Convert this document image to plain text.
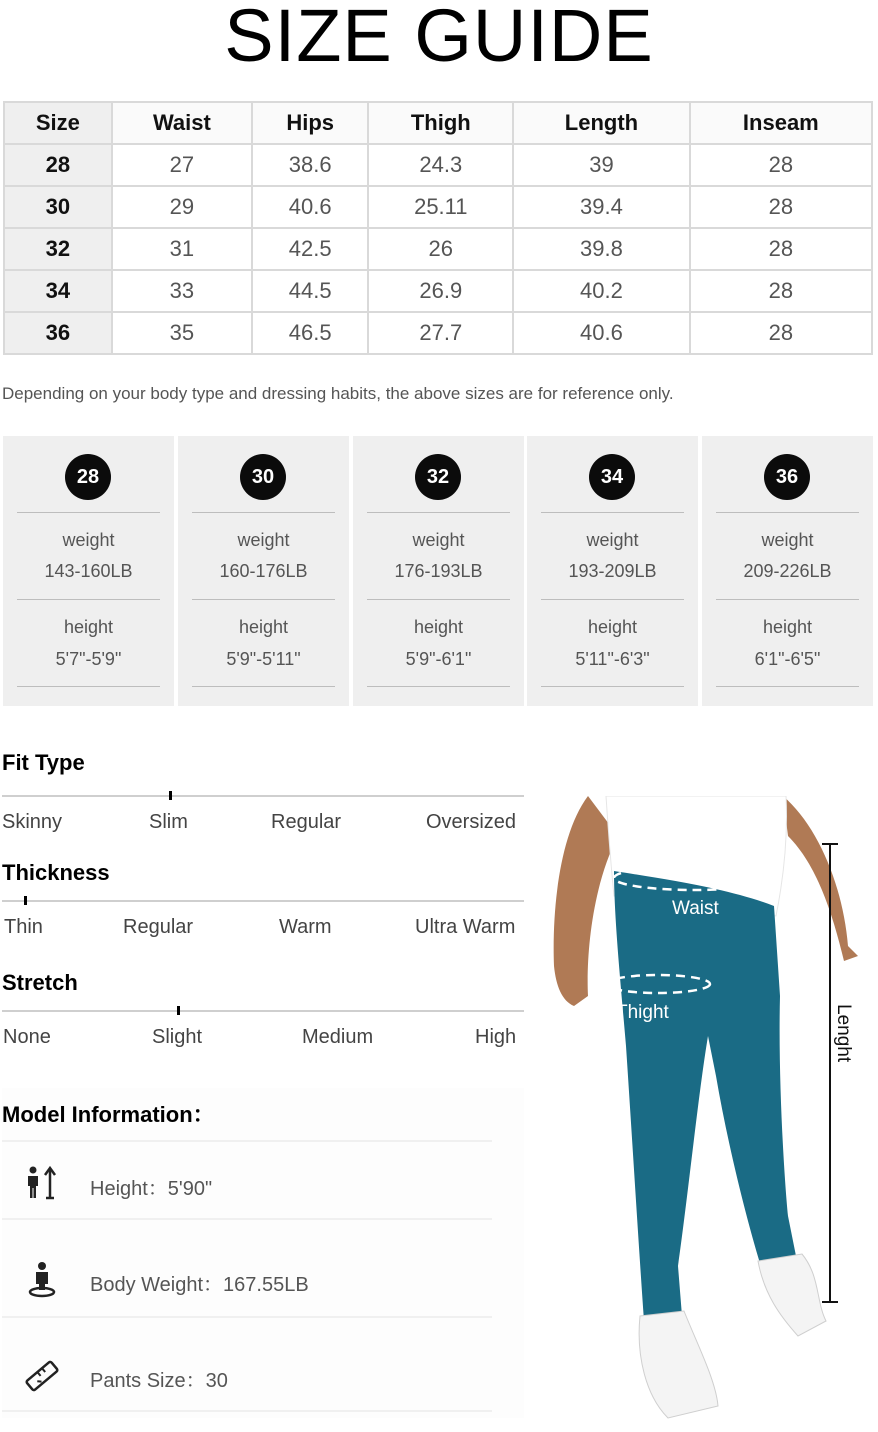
SIZE GUIDE
Size	Waist	Hips	Thigh	Length	Inseam
28	27	38.6	24.3	39	28
30	29	40.6	25.11	39.4	28
32	31	42.5	26	39.8	28
34	33	44.5	26.9	40.2	28
36	35	46.5	27.7	40.6	28
Depending on your body type and dressing habits, the above sizes are for reference only.
28
weight
143-160LB
height
5'7"-5'9"
30
weight
160-176LB
height
5'9"-5'11"
32
weight
176-193LB
height
5'9"-6'1"
34
weight
193-209LB
height
5'11"-6'3"
36
weight
209-226LB
height
6'1"-6'5"
Fit Type
Skinny	Slim	Regular	Oversized
Thickness
Thin	Regular	Warm	Ultra Warm
Stretch
None	Slight	Medium	High
Model Information：
Height：5'90"
Body Weight：167.55LB
Pants Size：30
Waist
Thight	Lenght
